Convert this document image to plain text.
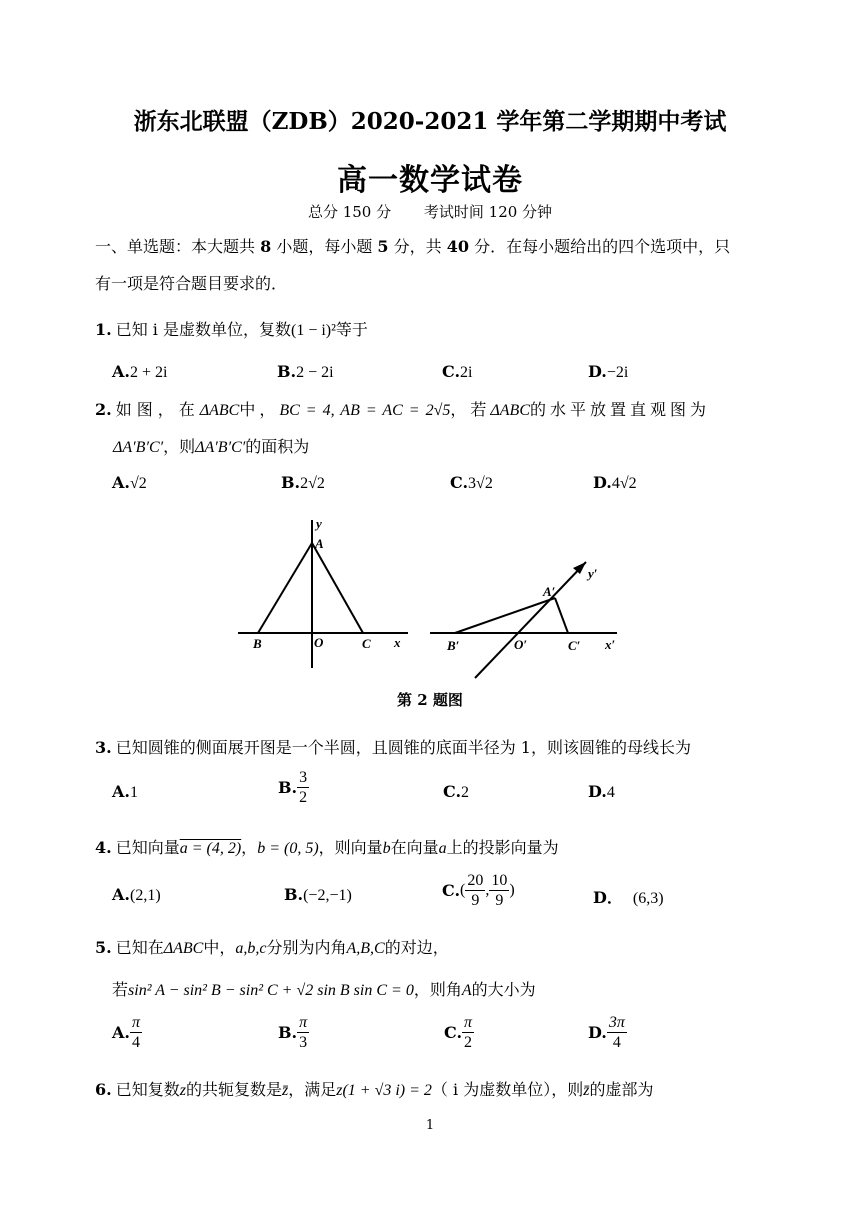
浙东北联盟（ZDB）2020-2021 学年第二学期期中考试
高一数学试卷
总分 150 分 考试时间 120 分钟
一、单选题：本大题共 8 小题，每小题 5 分，共 40 分．在每小题给出的四个选项中，只
有一项是符合题目要求的．
1. 已知 i 是虚数单位，复数(1 − i)²等于
A.2 + 2i	B.2 − 2i	C.2i	D.−2i
2. 如图，在ΔABC中，BC = 4, AB = AC = 2√5，若ΔABC的水平放置直观图为
ΔA′B′C′，则ΔA′B′C′的面积为
A.√2	B.2√2	C.3√2	D.4√2
y
A
B	O	C x
y′
A′
B′	O′	C′ x′
第 2 题图
3. 已知圆锥的侧面展开图是一个半圆，且圆锥的底面半径为 1，则该圆锥的母线长为
A.1	B. $\frac{3}{2}$	C.2	D.4
4. 已知向量a = (4, 2)，b = (0, 5)，则向量b在向量a上的投影向量为
A.(2,1)	B.(−2,−1)	$C.( \frac{20}{9}$ , $\frac{10}{9}$ )	D． (6,3)
5. 已知在ΔABC中，a,b,c分别为内角A,B,C的对边，
若sin² A − sin² B − sin² C + √2 sin B sin C = 0，则角A的大小为
A. $\frac{\pi}{4}$	B. $\frac{\pi}{3}$	C. $\frac{\pi}{2}$	D. $\frac{3\pi}{4}$
6. 已知复数z的共轭复数是z̄，满足z(1 + √3 i) = 2（ i 为虚数单位），则z̄的虚部为
1
